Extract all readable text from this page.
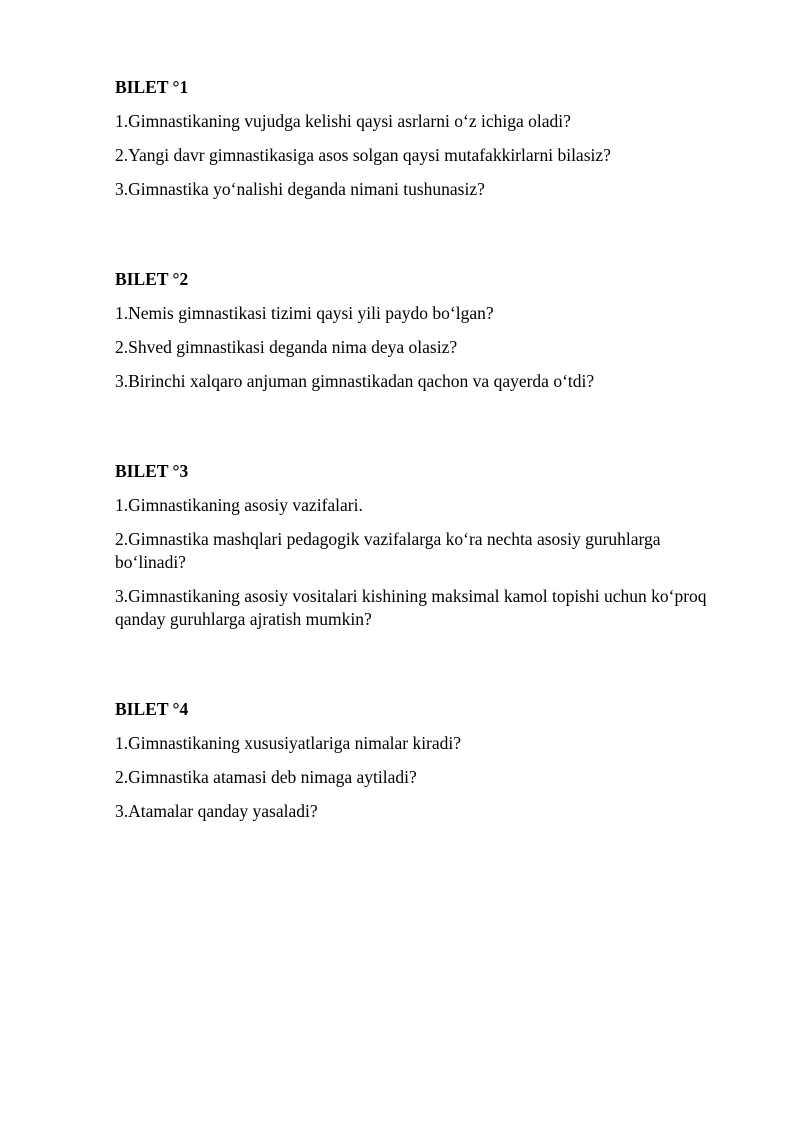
BILET °1

1.Gimnastikaning vujudga kelishi qaysi asrlarni o‘z ichiga oladi?

2.Yangi davr gimnastikasiga asos solgan qaysi mutafakkirlarni bilasiz?

3.Gimnastika yo‘nalishi deganda nimani tushunasiz?

BILET °2

1.Nemis gimnastikasi tizimi qaysi yili paydo bo‘lgan?

2.Shved gimnastikasi deganda nima deya olasiz?

3.Birinchi xalqaro anjuman gimnastikadan qachon va qayerda o‘tdi?

BILET °3

1.Gimnastikaning asosiy vazifalari.

2.Gimnastika mashqlari pedagogik vazifalarga ko‘ra nechta asosiy guruhlarga bo‘linadi?

3.Gimnastikaning asosiy vositalari kishining maksimal kamol topishi uchun ko‘proq qanday guruhlarga ajratish mumkin?

BILET °4

1.Gimnastikaning xususiyatlariga nimalar kiradi?

2.Gimnastika atamasi deb nimaga aytiladi?

3.Atamalar qanday yasaladi?
